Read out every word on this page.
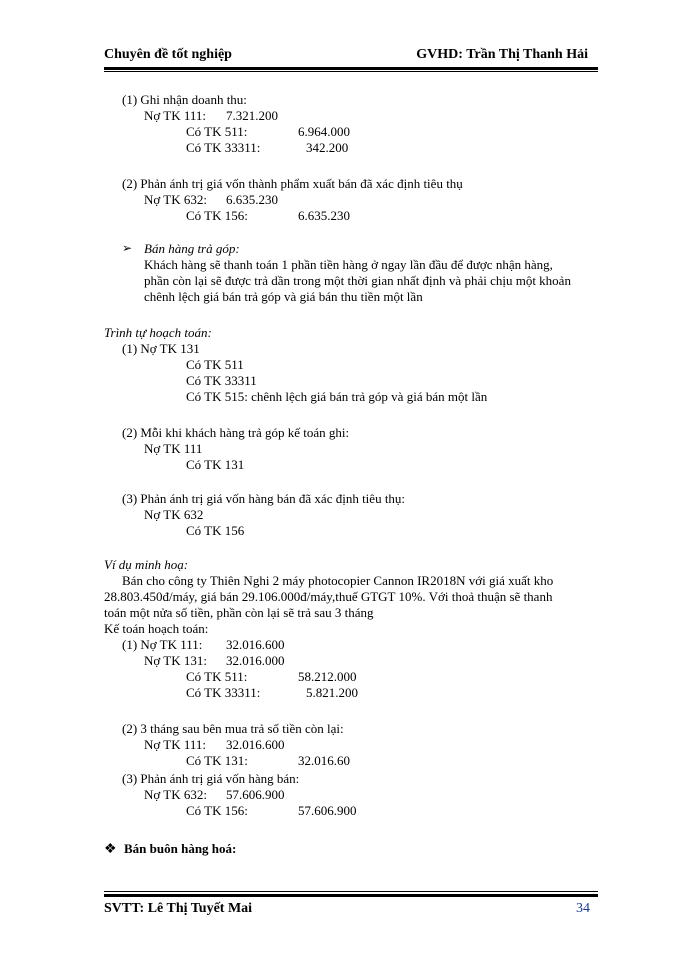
Chuyên đề tốt nghiệp	GVHD: Trần Thị Thanh Hải
(1) Ghi nhận doanh thu:
Nợ TK 111: 7.321.200
Có TK 511:	6.964.000
Có TK 33311:	342.200
(2) Phản ánh trị giá vốn thành phẩm xuất bán đã xác định tiêu thụ
Nợ TK 632: 6.635.230
Có TK 156:	6.635.230
➢ Bán hàng trả góp:
Khách hàng sẽ thanh toán 1 phần tiền hàng ở ngay lần đầu để được nhận hàng,
phần còn lại sẽ được trả dần trong một thời gian nhất định và phải chịu một khoản
chênh lệch giá bán trả góp và giá bán thu tiền một lần
Trình tự hoạch toán:
(1) Nợ TK 131
Có TK 511
Có TK 33311
Có TK 515: chênh lệch giá bán trả góp và giá bán một lần
(2) Mỗi khi khách hàng trả góp kế toán ghi:
Nợ TK 111
Có TK 131
(3) Phản ánh trị giá vốn hàng bán đã xác định tiêu thụ:
Nợ TK 632
Có TK 156
Ví dụ minh hoạ:
Bán cho công ty Thiên Nghi 2 máy photocopier Cannon IR2018N với giá xuất kho
28.803.450đ/máy, giá bán 29.106.000đ/máy,thuế GTGT 10%. Với thoả thuận sẽ thanh
toán một nửa số tiền, phần còn lại sẽ trả sau 3 tháng
Kế toán hoạch toán:
(1) Nợ TK 111: 32.016.600
Nợ TK 131: 32.016.000
Có TK 511:	58.212.000
Có TK 33311:	5.821.200
(2) 3 tháng sau bên mua trả số tiền còn lại:
Nợ TK 111: 32.016.600
Có TK 131:	32.016.60
(3) Phản ánh trị giá vốn hàng bán:
Nợ TK 632: 57.606.900
Có TK 156:	57.606.900
❖ Bán buôn hàng hoá:
SVTT: Lê Thị Tuyết Mai	34
